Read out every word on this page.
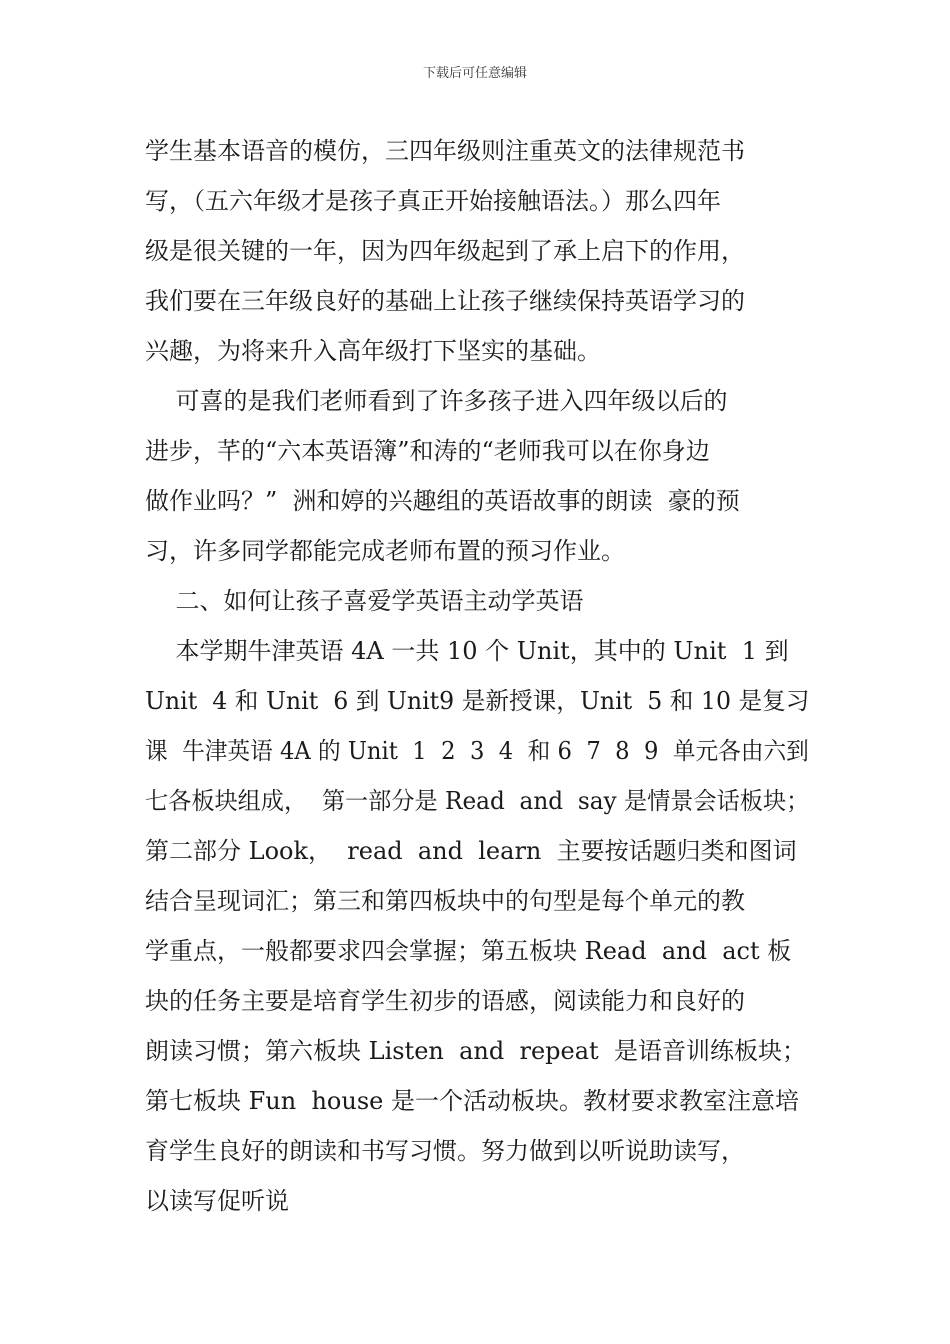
下载后可任意编辑
学生基本语音的模仿，三四年级则注重英文的法律规范书
写，（五六年级才是孩子真正开始接触语法。）那么四年
级是很关键的一年，因为四年级起到了承上启下的作用，
我们要在三年级良好的基础上让孩子继续保持英语学习的
兴趣，为将来升入高年级打下坚实的基础。
可喜的是我们老师看到了许多孩子进入四年级以后的
进步，芊的“六本英语簿”和涛的“老师我可以在你身边
做作业吗？”  洲和婷的兴趣组的英语故事的朗读  豪的预
习，许多同学都能完成老师布置的预习作业。
二、如何让孩子喜爱学英语主动学英语
本学期牛津英语 4A 一共 10 个 Unit，其中的 Unit  1 到
Unit  4 和 Unit  6 到 Unit9 是新授课，Unit  5 和 10 是复习
课  牛津英语 4A 的 Unit  1  2  3  4  和 6  7  8  9  单元各由六到
七各板块组成，  第一部分是 Read  and  say 是情景会话板块；
第二部分 Look，  read  and  learn  主要按话题归类和图词
结合呈现词汇；第三和第四板块中的句型是每个单元的教
学重点，一般都要求四会掌握；第五板块 Read  and  act 板
块的任务主要是培育学生初步的语感，阅读能力和良好的
朗读习惯；第六板块 Listen  and  repeat  是语音训练板块；
第七板块 Fun  house 是一个活动板块。教材要求教室注意培
育学生良好的朗读和书写习惯。努力做到以听说助读写，
以读写促听说
